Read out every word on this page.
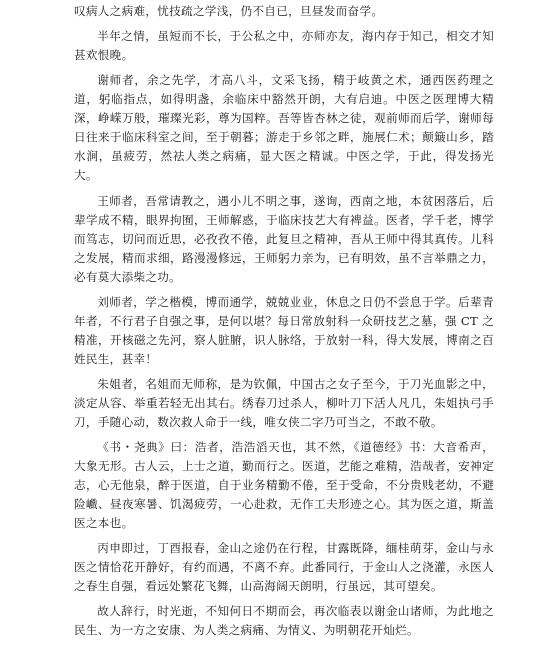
叹病人之病难，忧技疏之学浅，仍不自已，旦昼发而奋学。

半年之情，虽短而不长，于公私之中，亦师亦友，海内存于知己，相交才知甚欢恨晚。

谢师者，余之先学，才高八斗，文采飞扬，精于岐黄之术，通西医药理之道，躬临指点，如得明盏，余临床中豁然开朗，大有启迪。中医之医理博大精深，峥嵘万般，璀璨光彩，尊为国粹。吾等皆杏林之徒，观前师而后学，谢师每日往来于临床科室之间，至于朝暮；游走于乡邻之畔，施展仁术；颠簸山乡，踏水涧，虽疲劳，然祛人类之病痛，显大医之精诚。中医之学，于此，得发扬光大。

王师者，吾常请教之，遇小儿不明之事，遂询，西南之地，本贫困落后，后辈学成不精，眼界拘囿，王师解惑，于临床技艺大有裨益。医者，学千老，博学而笃志，切问而近思，必孜孜不倦，此复旦之精神，吾从王师中得其真传。儿科之发展，精而求细，路漫漫修远，王师躬力亲为，已有明效，虽不言举鼎之力，必有莫大添柴之功。

刘师者，学之楷模，博而通学，兢兢业业，休息之日仍不尝息于学。后辈青年者，不行君子自强之事，是何以堪？每日常放射科一众研技艺之墓，强 CT 之精准，开核磁之先河，察人脏腑，识人脉络，于放射一科，得大发展，博南之百姓民生，甚幸！

朱姐者，名姐而无师称，是为钦佩，中国古之女子至今，于刀光血影之中，淡定从容、举重若轻无出其右。绣春刀过杀人，柳叶刀下活人凡几，朱姐执弓手刀，手随心动，数次救人命于一线，唯女侠二字乃可当之，不敢不敬。

《书・尧典》曰：浩者，浩浩滔天也，其不然，《道德经》书：大音希声，大象无形。古人云，上士之道，勤而行之。医道，艺能之难精，浩哉者，安神定志，心无他泉，醉于医道，自于业务精勤不倦，至于受命，不分贵贱老幼，不避险巇、昼夜寒暑、饥渴疲劳，一心赴救，无作工夫形迹之心。其为医之道，斯盖医之本也。

丙申即过，丁酉报春，金山之途仍在行程，甘露既降，缅桂萌芽，金山与永医之情恰花开静好，有约而遇，不离不弃。此番同行，于金山人之浇灌，永医人之春生自强，看远处繁花飞舞，山高海阔天朗明，行虽远，其可望矣。

故人辞行，时光逝，不知何日不期而会，再次临表以谢金山诸师，为此地之民生、为一方之安康、为人类之病痛、为情义、为明朝花开灿烂。
